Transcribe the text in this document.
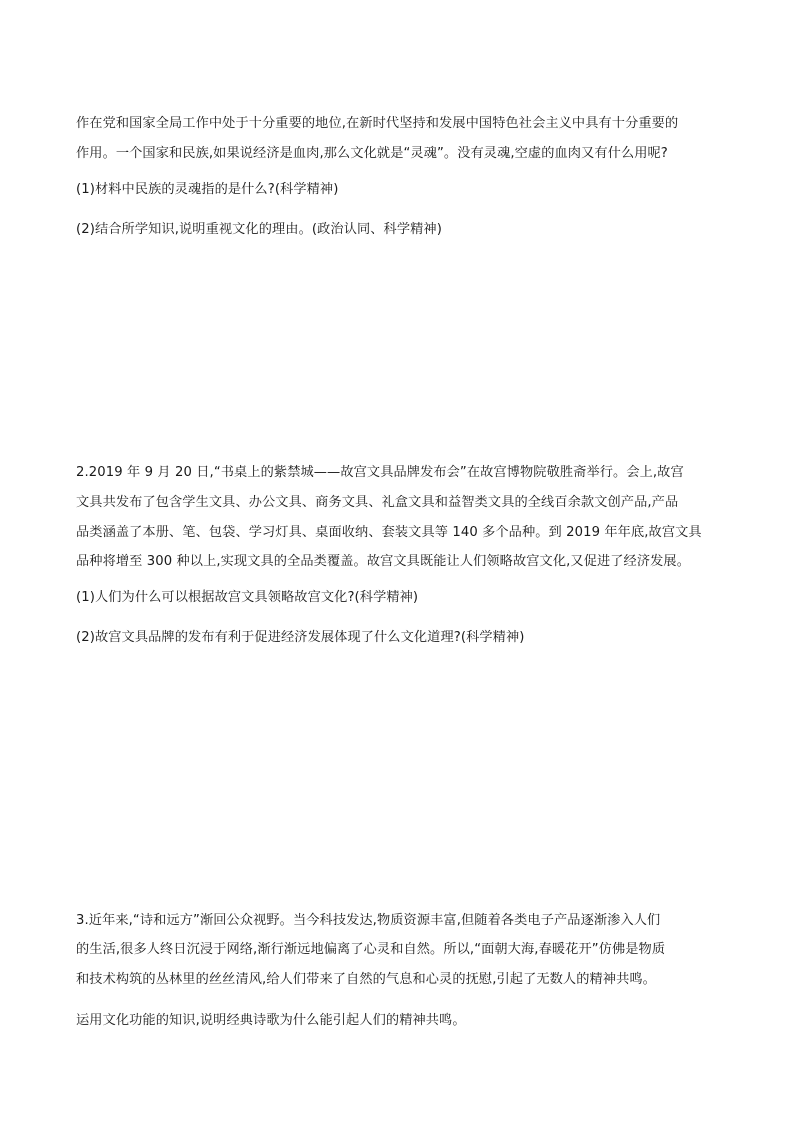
作在党和国家全局工作中处于十分重要的地位,在新时代坚持和发展中国特色社会主义中具有十分重要的
作用。一个国家和民族,如果说经济是血肉,那么文化就是“灵魂”。没有灵魂,空虚的血肉又有什么用呢?
(1)材料中民族的灵魂指的是什么?(科学精神)
(2)结合所学知识,说明重视文化的理由。(政治认同、科学精神)
2.2019 年 9 月 20 日,“书桌上的紫禁城——故宫文具品牌发布会”在故宫博物院敬胜斋举行。会上,故宫
文具共发布了包含学生文具、办公文具、商务文具、礼盒文具和益智类文具的全线百余款文创产品,产品
品类涵盖了本册、笔、包袋、学习灯具、桌面收纳、套装文具等 140 多个品种。到 2019 年年底,故宫文具
品种将增至 300 种以上,实现文具的全品类覆盖。故宫文具既能让人们领略故宫文化,又促进了经济发展。
(1)人们为什么可以根据故宫文具领略故宫文化?(科学精神)
(2)故宫文具品牌的发布有利于促进经济发展体现了什么文化道理?(科学精神)
3.近年来,“诗和远方”渐回公众视野。当今科技发达,物质资源丰富,但随着各类电子产品逐渐渗入人们
的生活,很多人终日沉浸于网络,渐行渐远地偏离了心灵和自然。所以,“面朝大海,春暖花开”仿佛是物质
和技术构筑的丛林里的丝丝清风,给人们带来了自然的气息和心灵的抚慰,引起了无数人的精神共鸣。
运用文化功能的知识,说明经典诗歌为什么能引起人们的精神共鸣。
